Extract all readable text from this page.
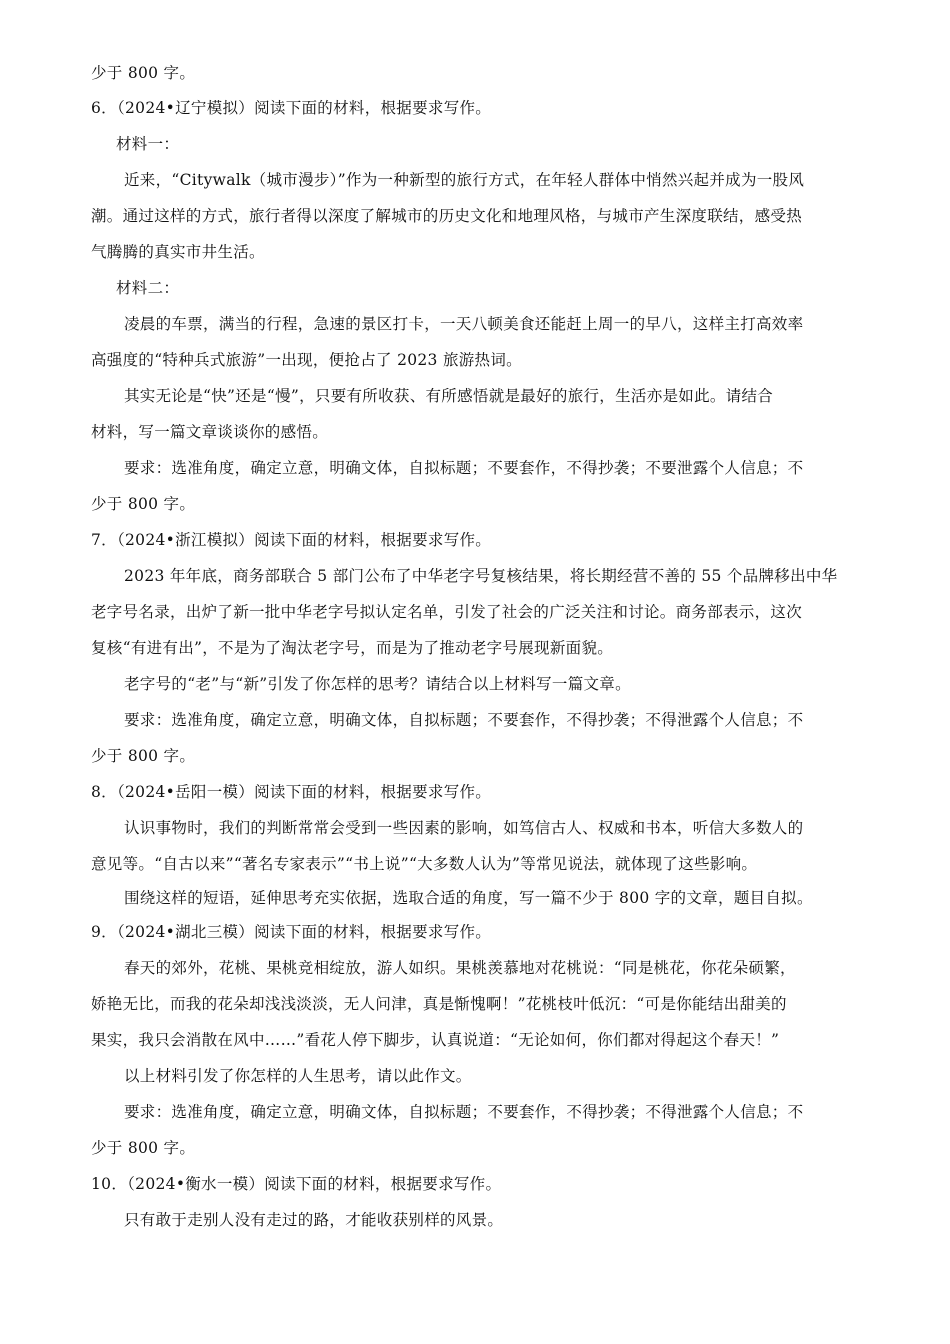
少于 800 字。
6．（2024•辽宁模拟）阅读下面的材料，根据要求写作。
材料一：
近来，“Citywalk（城市漫步）”作为一种新型的旅行方式，在年轻人群体中悄然兴起并成为一股风
潮。通过这样的方式，旅行者得以深度了解城市的历史文化和地理风格，与城市产生深度联结，感受热
气腾腾的真实市井生活。
材料二：
凌晨的车票，满当的行程，急速的景区打卡，一天八顿美食还能赶上周一的早八，这样主打高效率
高强度的“特种兵式旅游”一出现，便抢占了 2023 旅游热词。
其实无论是“快”还是“慢”，只要有所收获、有所感悟就是最好的旅行，生活亦是如此。请结合
材料，写一篇文章谈谈你的感悟。
要求：选准角度，确定立意，明确文体，自拟标题；不要套作，不得抄袭；不要泄露个人信息；不
少于 800 字。
7．（2024•浙江模拟）阅读下面的材料，根据要求写作。
2023 年年底，商务部联合 5 部门公布了中华老字号复核结果，将长期经营不善的 55 个品牌移出中华
老字号名录，出炉了新一批中华老字号拟认定名单，引发了社会的广泛关注和讨论。商务部表示，这次
复核“有进有出”，不是为了淘汰老字号，而是为了推动老字号展现新面貌。
老字号的“老”与“新”引发了你怎样的思考？请结合以上材料写一篇文章。
要求：选准角度，确定立意，明确文体，自拟标题；不要套作，不得抄袭；不得泄露个人信息；不
少于 800 字。
8．（2024•岳阳一模）阅读下面的材料，根据要求写作。
认识事物时，我们的判断常常会受到一些因素的影响，如笃信古人、权威和书本，听信大多数人的
意见等。“自古以来”“著名专家表示”“书上说”“大多数人认为”等常见说法，就体现了这些影响。
围绕这样的短语，延伸思考充实依据，选取合适的角度，写一篇不少于 800 字的文章，题目自拟。
9．（2024•湖北三模）阅读下面的材料，根据要求写作。
春天的郊外，花桃、果桃竞相绽放，游人如织。果桃羡慕地对花桃说：“同是桃花，你花朵硕繁，
娇艳无比，而我的花朵却浅浅淡淡，无人问津，真是惭愧啊！”花桃枝叶低沉：“可是你能结出甜美的
果实，我只会消散在风中……”看花人停下脚步，认真说道：“无论如何，你们都对得起这个春天！”
以上材料引发了你怎样的人生思考，请以此作文。
要求：选准角度，确定立意，明确文体，自拟标题；不要套作，不得抄袭；不得泄露个人信息；不
少于 800 字。
10．（2024•衡水一模）阅读下面的材料，根据要求写作。
只有敢于走别人没有走过的路，才能收获别样的风景。
